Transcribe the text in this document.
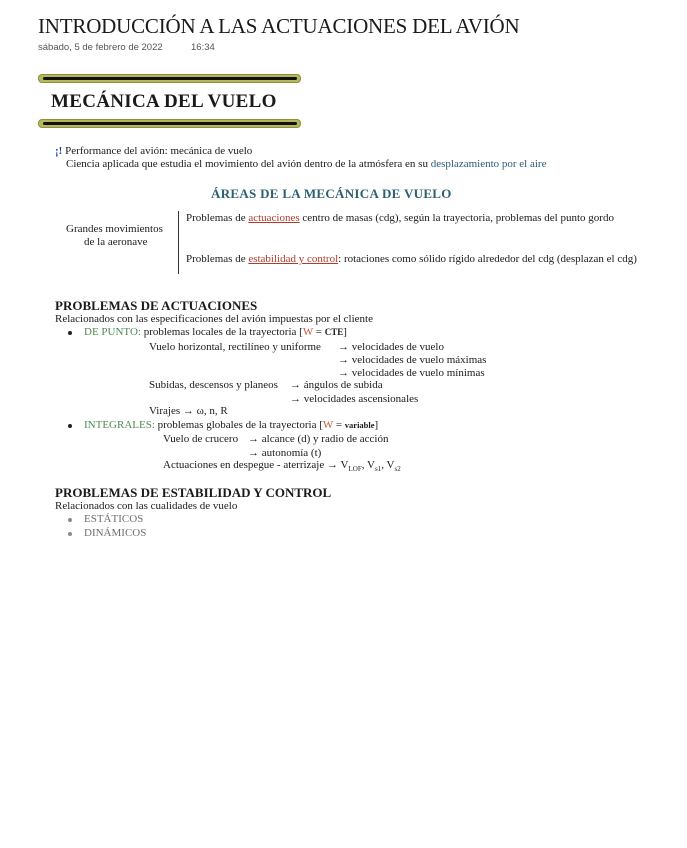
INTRODUCCIÓN A LAS ACTUACIONES DEL AVIÓN
sábado, 5 de febrero de 2022	16:34
MECÁNICA DEL VUELO
¡! Performance del avión: mecánica de vuelo
Ciencia aplicada que estudia el movimiento del avión dentro de la atmósfera en su desplazamiento por el aire
ÁREAS DE LA MECÁNICA DE VUELO
Grandes movimientos
de la aeronave
Problemas de actuaciones centro de masas (cdg), según la trayectoria, problemas del punto gordo
Problemas de estabilidad y control: rotaciones como sólido rígido alrededor del cdg (desplazan el cdg)
PROBLEMAS DE ACTUACIONES
Relacionados con las especificaciones del avión impuestas por el cliente
DE PUNTO: problemas locales de la trayectoria [W = CTE]
Vuelo horizontal, rectilíneo y uniforme → velocidades de vuelo
→ velocidades de vuelo máximas
→ velocidades de vuelo mínimas
Subidas, descensos y planeos → ángulos de subida
→ velocidades ascensionales
Virajes → ω, n, R
INTEGRALES: problemas globales de la trayectoria [W = variable]
Vuelo de crucero → alcance (d) y radio de acción
→ autonomía (t)
Actuaciones en despegue - aterrizaje → $V_{LOF}$, $V_{s1}$, $V_{s2}$
PROBLEMAS DE ESTABILIDAD Y CONTROL
Relacionados con las cualidades de vuelo
ESTÁTICOS
DINÁMICOS
